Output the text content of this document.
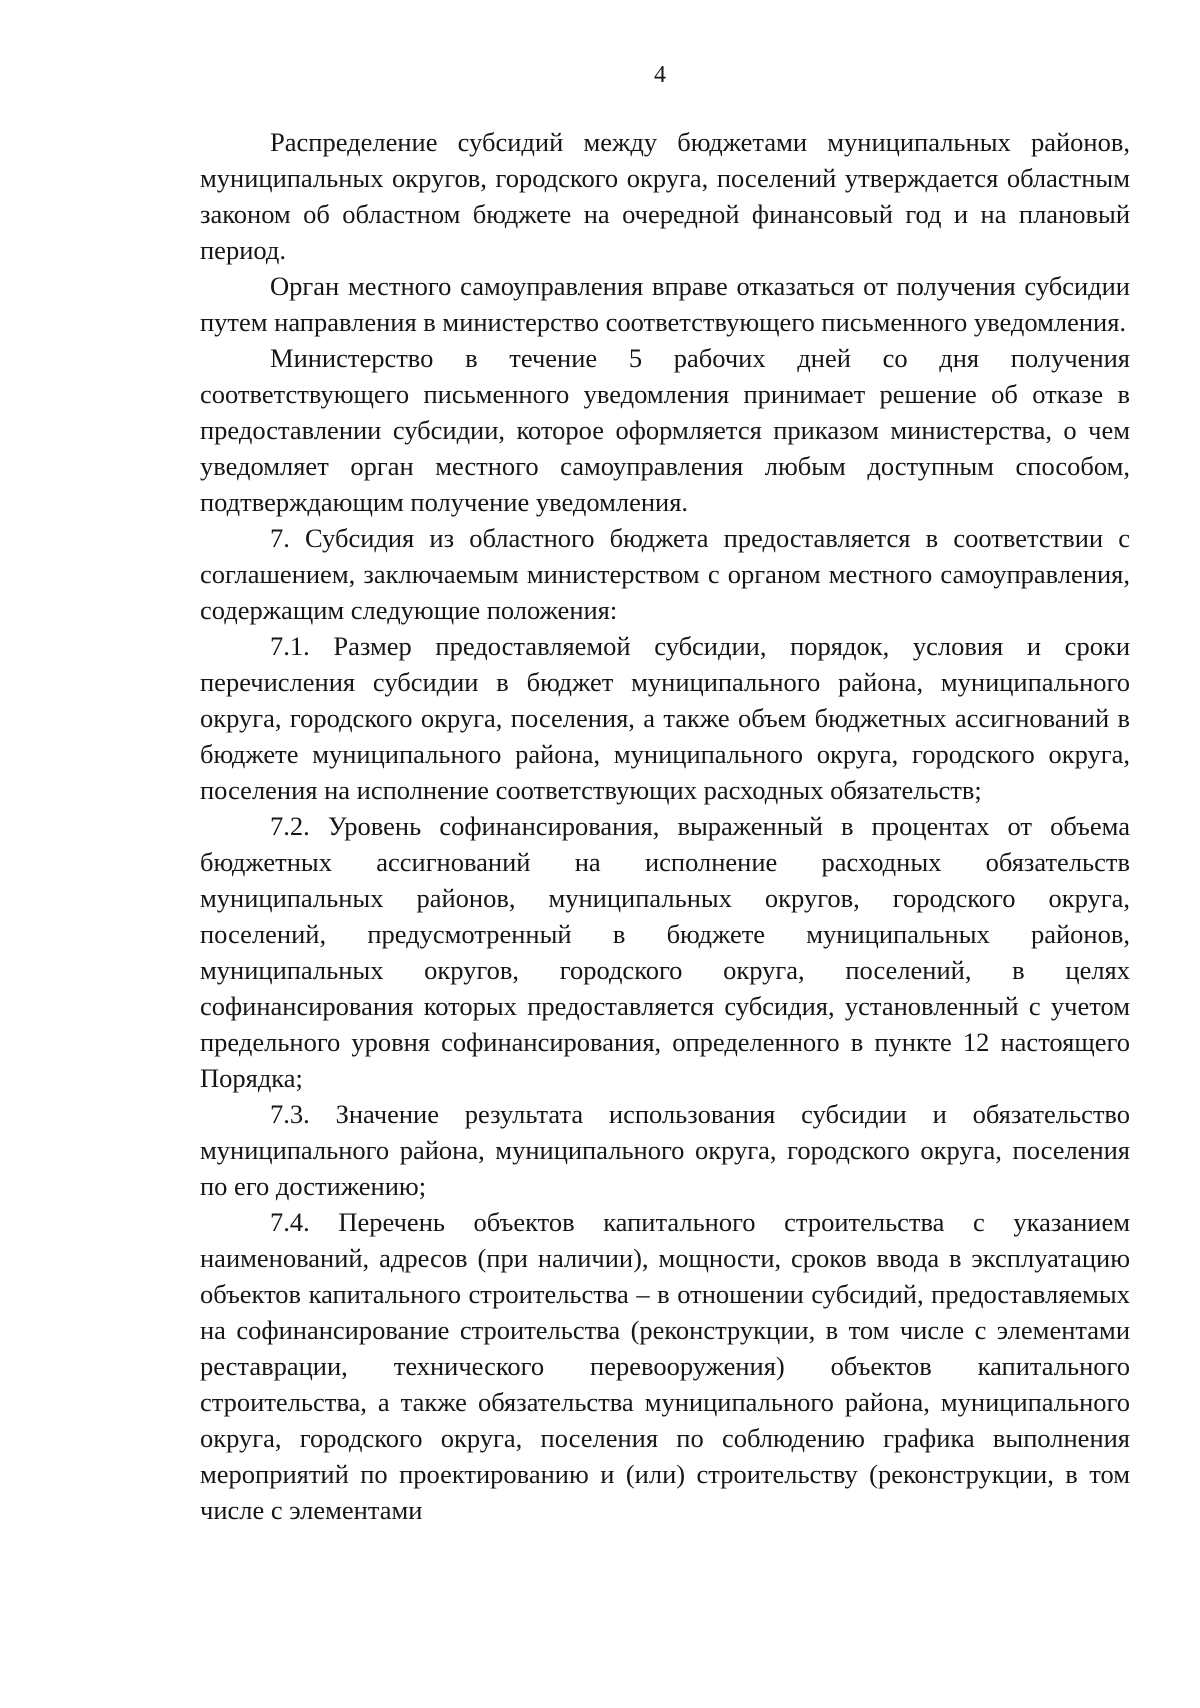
4

Распределение субсидий между бюджетами муниципальных районов, муниципальных округов, городского округа, поселений утверждается областным законом об областном бюджете на очередной финансовый год и на плановый период.

Орган местного самоуправления вправе отказаться от получения субсидии путем направления в министерство соответствующего письменного уведомления.

Министерство в течение 5 рабочих дней со дня получения соответствующего письменного уведомления принимает решение об отказе в предоставлении субсидии, которое оформляется приказом министерства, о чем уведомляет орган местного самоуправления любым доступным способом, подтверждающим получение уведомления.

7. Субсидия из областного бюджета предоставляется в соответствии с соглашением, заключаемым министерством с органом местного самоуправления, содержащим следующие положения:

7.1. Размер предоставляемой субсидии, порядок, условия и сроки перечисления субсидии в бюджет муниципального района, муниципального округа, городского округа, поселения, а также объем бюджетных ассигнований в бюджете муниципального района, муниципального округа, городского округа, поселения на исполнение соответствующих расходных обязательств;

7.2. Уровень софинансирования, выраженный в процентах от объема бюджетных ассигнований на исполнение расходных обязательств муниципальных районов, муниципальных округов, городского округа, поселений, предусмотренный в бюджете муниципальных районов, муниципальных округов, городского округа, поселений, в целях софинансирования которых предоставляется субсидия, установленный с учетом предельного уровня софинансирования, определенного в пункте 12 настоящего Порядка;

7.3. Значение результата использования субсидии и обязательство муниципального района, муниципального округа, городского округа, поселения по его достижению;

7.4. Перечень объектов капитального строительства с указанием наименований, адресов (при наличии), мощности, сроков ввода в эксплуатацию объектов капитального строительства – в отношении субсидий, предоставляемых на софинансирование строительства (реконструкции, в том числе с элементами реставрации, технического перевооружения) объектов капитального строительства, а также обязательства муниципального района, муниципального округа, городского округа, поселения по соблюдению графика выполнения мероприятий по проектированию и (или) строительству (реконструкции, в том числе с элементами
